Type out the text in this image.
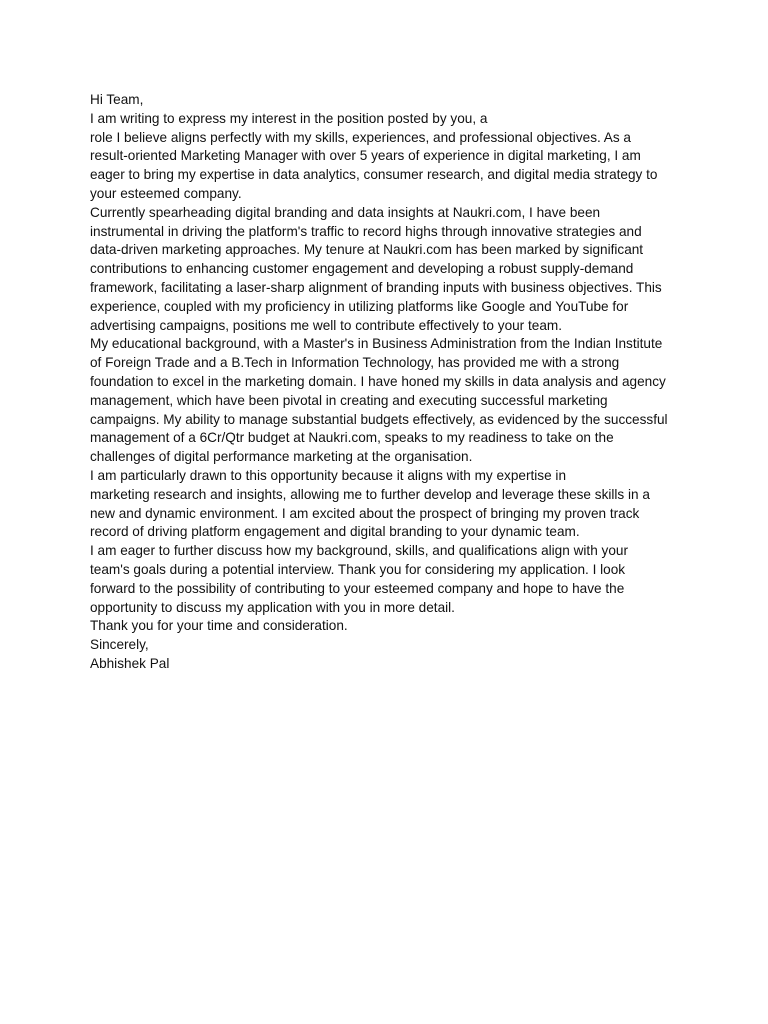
Hi Team,
I am writing to express my interest in the position posted by you, a
role I believe aligns perfectly with my skills, experiences, and professional objectives. As a
result-oriented Marketing Manager with over 5 years of experience in digital marketing, I am
eager to bring my expertise in data analytics, consumer research, and digital media strategy to
your esteemed company.
Currently spearheading digital branding and data insights at Naukri.com, I have been
instrumental in driving the platform's traffic to record highs through innovative strategies and
data-driven marketing approaches. My tenure at Naukri.com has been marked by significant
contributions to enhancing customer engagement and developing a robust supply-demand
framework, facilitating a laser-sharp alignment of branding inputs with business objectives. This
experience, coupled with my proficiency in utilizing platforms like Google and YouTube for
advertising campaigns, positions me well to contribute effectively to your team.
My educational background, with a Master's in Business Administration from the Indian Institute
of Foreign Trade and a B.Tech in Information Technology, has provided me with a strong
foundation to excel in the marketing domain. I have honed my skills in data analysis and agency
management, which have been pivotal in creating and executing successful marketing
campaigns. My ability to manage substantial budgets effectively, as evidenced by the successful
management of a 6Cr/Qtr budget at Naukri.com, speaks to my readiness to take on the
challenges of digital performance marketing at the organisation.
I am particularly drawn to this opportunity because it aligns with my expertise in
marketing research and insights, allowing me to further develop and leverage these skills in a
new and dynamic environment. I am excited about the prospect of bringing my proven track
record of driving platform engagement and digital branding to your dynamic team.
I am eager to further discuss how my background, skills, and qualifications align with your
team's goals during a potential interview. Thank you for considering my application. I look
forward to the possibility of contributing to your esteemed company and hope to have the
opportunity to discuss my application with you in more detail.
Thank you for your time and consideration.
Sincerely,
Abhishek Pal
